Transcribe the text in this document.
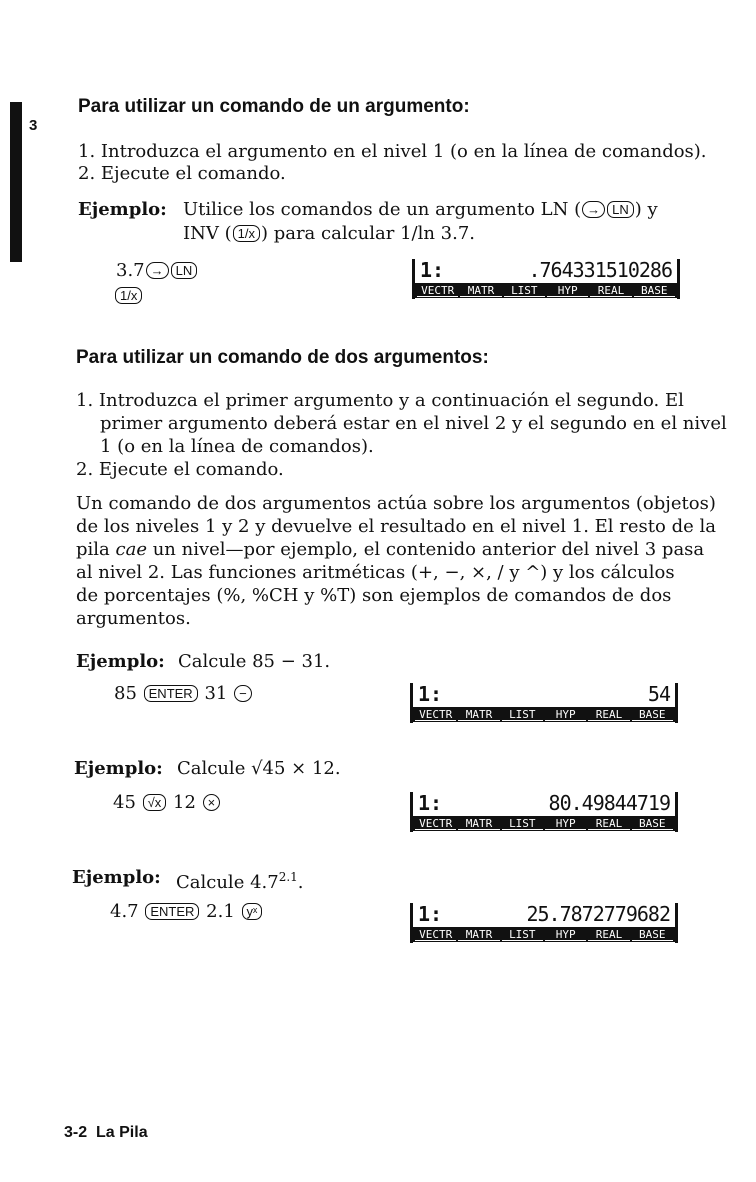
3
Para utilizar un comando de un argumento:
1. Introduzca el argumento en el nivel 1 (o en la línea de comandos).
2. Ejecute el comando.
Ejemplo: Utilice los comandos de un argumento LN ( → LN ) y
INV ( 1/x ) para calcular 1/ln 3.7.
3.7 → LN
1/x
1:	.764331510286
VECTR	MATR	LIST	HYP	REAL	BASE
Para utilizar un comando de dos argumentos:
1. Introduzca el primer argumento y a continuación el segundo. El
primer argumento deberá estar en el nivel 2 y el segundo en el nivel
1 (o en la línea de comandos).
2. Ejecute el comando.
Un comando de dos argumentos actúa sobre los argumentos (objetos)
de los niveles 1 y 2 y devuelve el resultado en el nivel 1. El resto de la
pila cae un nivel—por ejemplo, el contenido anterior del nivel 3 pasa
al nivel 2. Las funciones aritméticas (+, −, ×, / y ^) y los cálculos
de porcentajes (%, %CH y %T) son ejemplos de comandos de dos
argumentos.
Ejemplo: Calcule 85 − 31.
85 ENTER 31 −	1:	54
VECTR	MATR	LIST	HYP	REAL	BASE
Ejemplo: Calcule √45 × 12.
45 √x 12 ×	1:	80.49844719
VECTR	MATR	LIST	HYP	REAL	BASE
Ejemplo: Calcule $4.7^{2.1}$.
4.7 ENTER 2.1 yˣ	1:	25.7872779682
VECTR	MATR	LIST	HYP	REAL	BASE
3-2 La Pila
